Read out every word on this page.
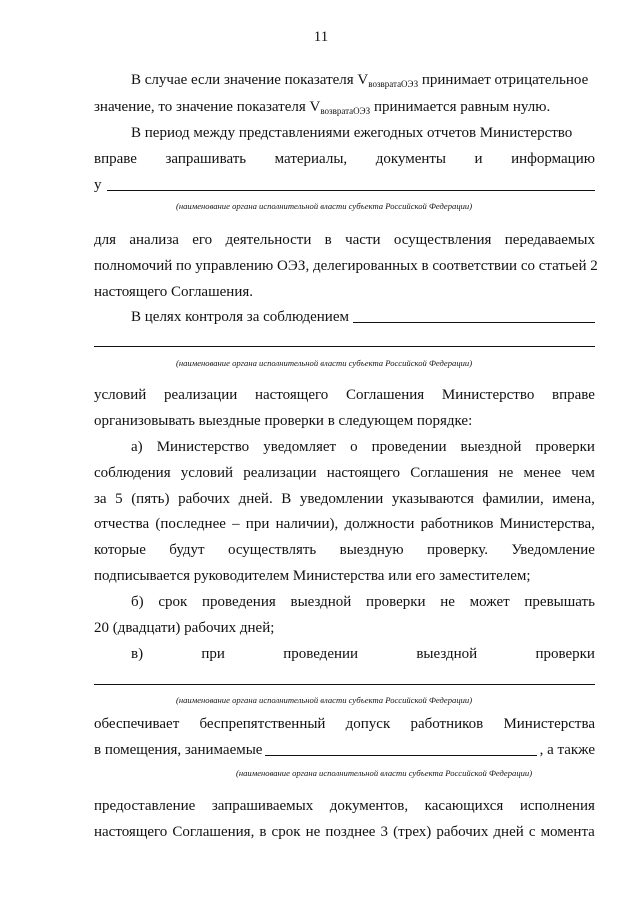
11
В случае если значение показателя $V_{возвратаОЭЗ}$ принимает отрицательное
значение, то значение показателя $V_{возвратаОЭЗ}$ принимается равным нулю.
В период между представлениями ежегодных отчетов Министерство
вправе запрашивать материалы, документы и информацию
у
(наименование органа исполнительной власти субъекта Российской Федерации)
для анализа его деятельности в части осуществления передаваемых
полномочий по управлению ОЭЗ, делегированных в соответствии со статьей 2
настоящего Соглашения.
В целях контроля за соблюдением
(наименование органа исполнительной власти субъекта Российской Федерации)
условий реализации настоящего Соглашения Министерство вправе
организовывать выездные проверки в следующем порядке:
а) Министерство уведомляет о проведении выездной проверки
соблюдения условий реализации настоящего Соглашения не менее чем
за 5 (пять) рабочих дней. В уведомлении указываются фамилии, имена,
отчества (последнее – при наличии), должности работников Министерства,
которые будут осуществлять выездную проверку. Уведомление
подписывается руководителем Министерства или его заместителем;
б) срок проведения выездной проверки не может превышать
20 (двадцати) рабочих дней;
в)	при	проведении	выездной	проверки
(наименование органа исполнительной власти субъекта Российской Федерации)
обеспечивает беспрепятственный допуск работников Министерства
в помещения, занимаемые	, а также
(наименование органа исполнительной власти субъекта Российской Федерации)
предоставление запрашиваемых документов, касающихся исполнения
настоящего Соглашения, в срок не позднее 3 (трех) рабочих дней с момента
